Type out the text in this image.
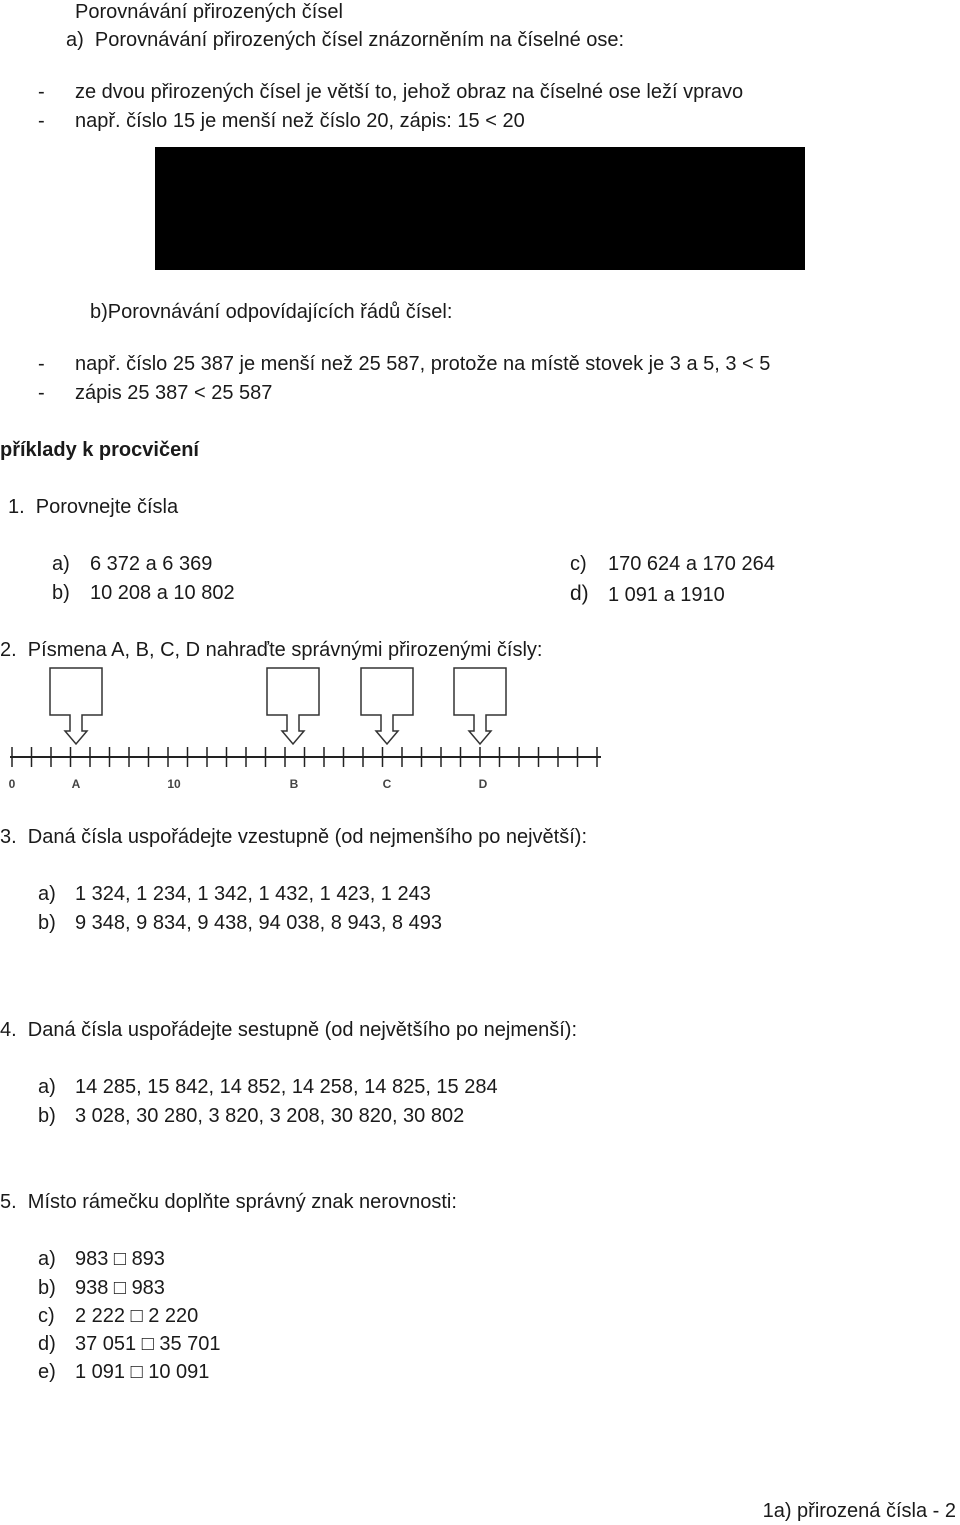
Porovnávání přirozených čísel
a)  Porovnávání přirozených čísel znázorněním na číselné ose:
- ze dvou přirozených čísel je větší to, jehož obraz na číselné ose leží vpravo
- např. číslo 15 je menší než číslo 20, zápis: 15 < 20
b)Porovnávání odpovídajících řádů čísel:
- např. číslo 25 387 je menší než 25 587, protože na místě stovek je 3 a 5, 3 < 5
- zápis 25 387 < 25 587
příklady k procvičení
1.  Porovnejte čísla
a) 6 372 a 6 369
b) 10 208 a 10 802
c) 170 624 a 170 264
d) 1 091 a 1910
2.  Písmena A, B, C, D nahraďte správnými přirozenými čísly:
0	A	10	B	C	D
3.  Daná čísla uspořádejte vzestupně (od nejmenšího po největší):
a) 1 324, 1 234, 1 342, 1 432, 1 423, 1 243
b) 9 348, 9 834, 9 438, 94 038, 8 943, 8 493
4.  Daná čísla uspořádejte sestupně (od největšího po nejmenší):
a) 14 285, 15 842, 14 852, 14 258, 14 825, 15 284
b) 3 028, 30 280, 3 820, 3 208, 30 820, 30 802
5.  Místo rámečku doplňte správný znak nerovnosti:
a) 983 □ 893
b) 938 □ 983
c) 2 222 □ 2 220
d) 37 051 □ 35 701
e) 1 091 □ 10 091
1a) přirozená čísla - 2
